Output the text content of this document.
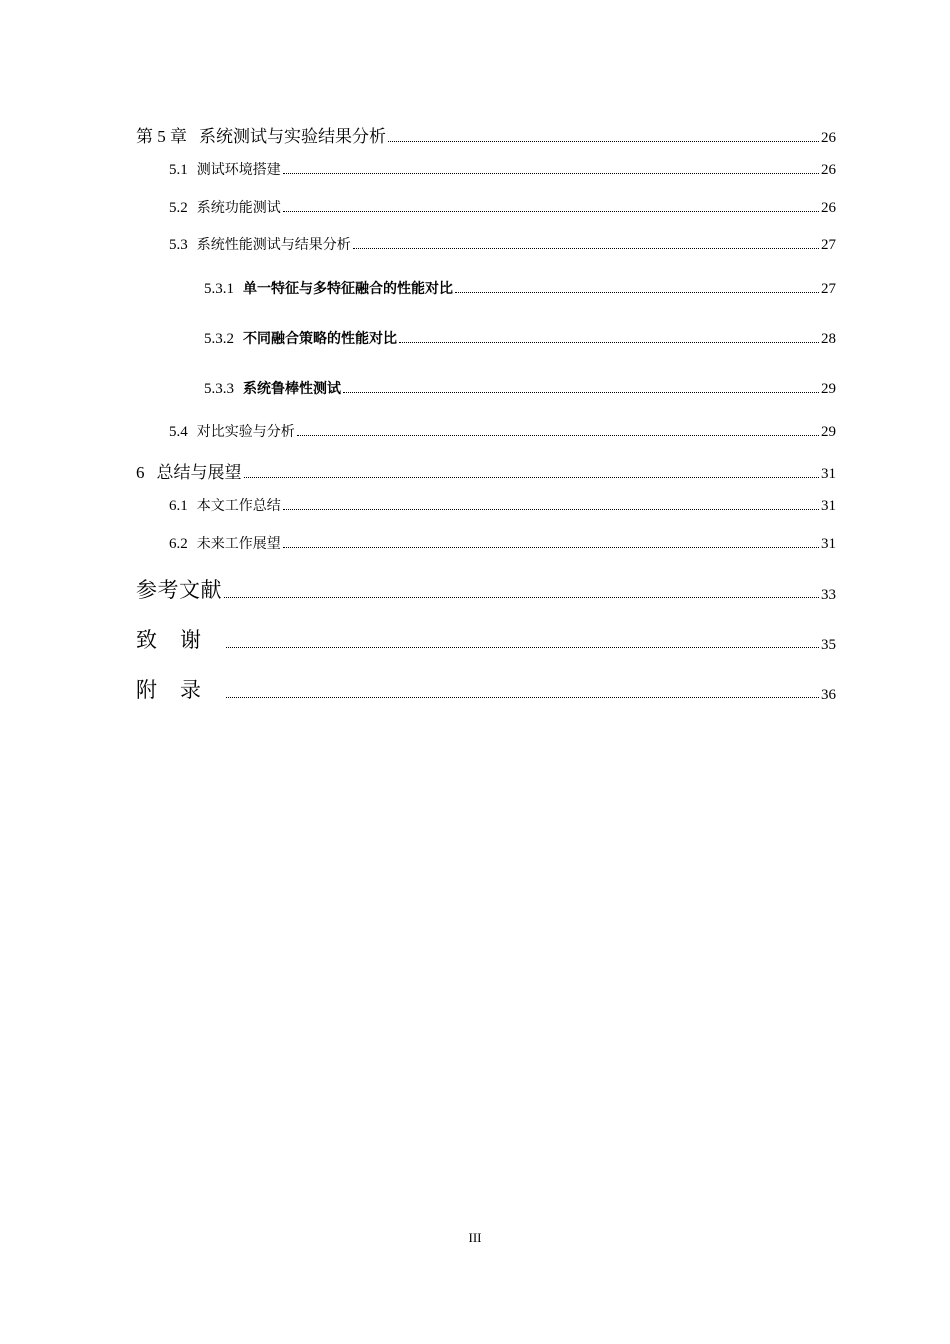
第 5 章 系统测试与实验结果分析	26
5.1 测试环境搭建	26
5.2 系统功能测试	26
5.3 系统性能测试与结果分析	27
5.3.1 单一特征与多特征融合的性能对比	27
5.3.2 不同融合策略的性能对比	28
5.3.3 系统鲁棒性测试	29
5.4 对比实验与分析	29
6 总结与展望	31
6.1 本文工作总结	31
6.2 未来工作展望	31
参考文献	33
致谢	35
附录	36
III
